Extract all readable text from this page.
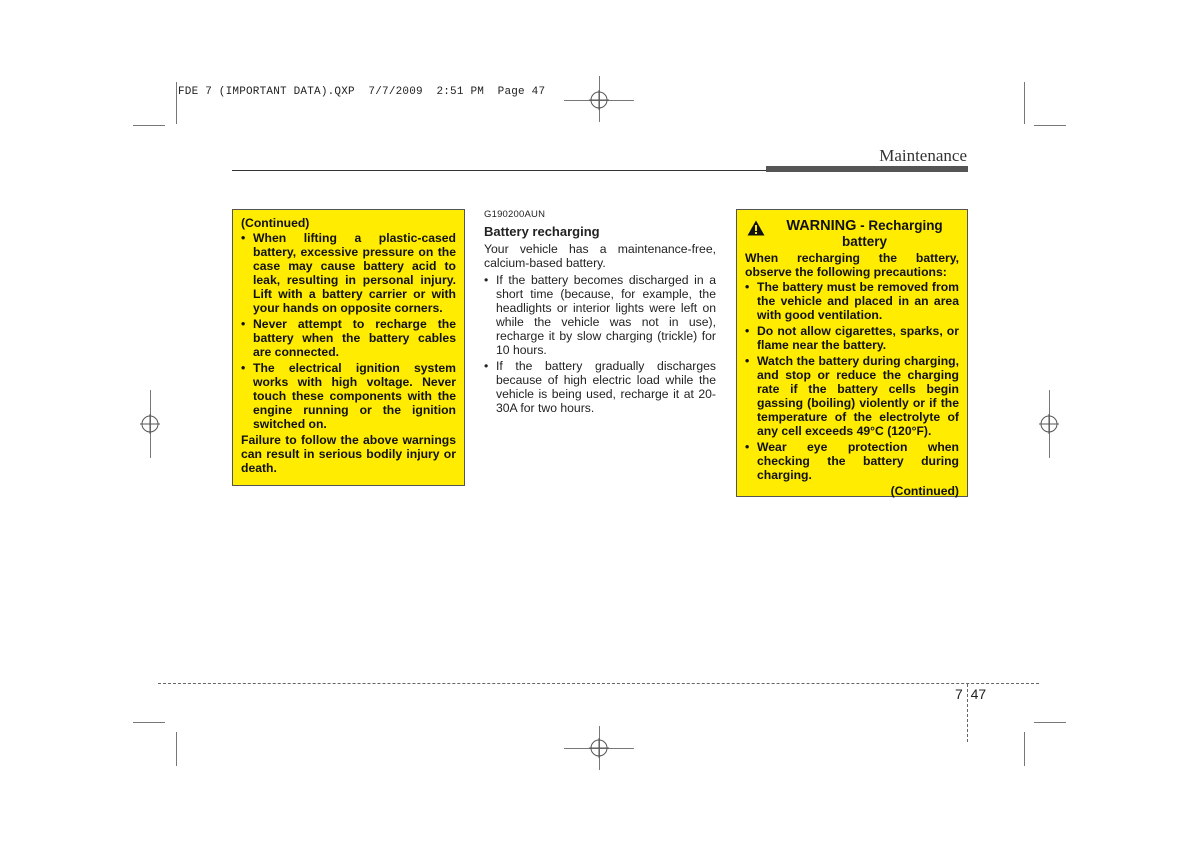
FDE 7 (IMPORTANT DATA).QXP  7/7/2009  2:51 PM  Page 47
Maintenance
(Continued)
• When lifting a plastic-cased battery, excessive pressure on the case may cause battery acid to leak, resulting in personal injury. Lift with a battery carrier or with your hands on opposite corners.
• Never attempt to recharge the battery when the battery cables are connected.
• The electrical ignition system works with high voltage. Never touch these components with the engine running or the ignition switched on.
Failure to follow the above warnings can result in serious bodily injury or death.
G190200AUN
Battery recharging

Your vehicle has a maintenance-free, calcium-based battery.

• If the battery becomes discharged in a short time (because, for example, the headlights or interior lights were left on while the vehicle was not in use), recharge it by slow charging (trickle) for 10 hours.
• If the battery gradually discharges because of high electric load while the vehicle is being used, recharge it at 20-30A for two hours.
WARNING - Recharging battery
When recharging the battery, observe the following precautions:
• The battery must be removed from the vehicle and placed in an area with good ventilation.
• Do not allow cigarettes, sparks, or flame near the battery.
• Watch the battery during charging, and stop or reduce the charging rate if the battery cells begin gassing (boiling) violently or if the temperature of the electrolyte of any cell exceeds 49°C (120°F).
• Wear eye protection when checking the battery during charging.
(Continued)
7 47
